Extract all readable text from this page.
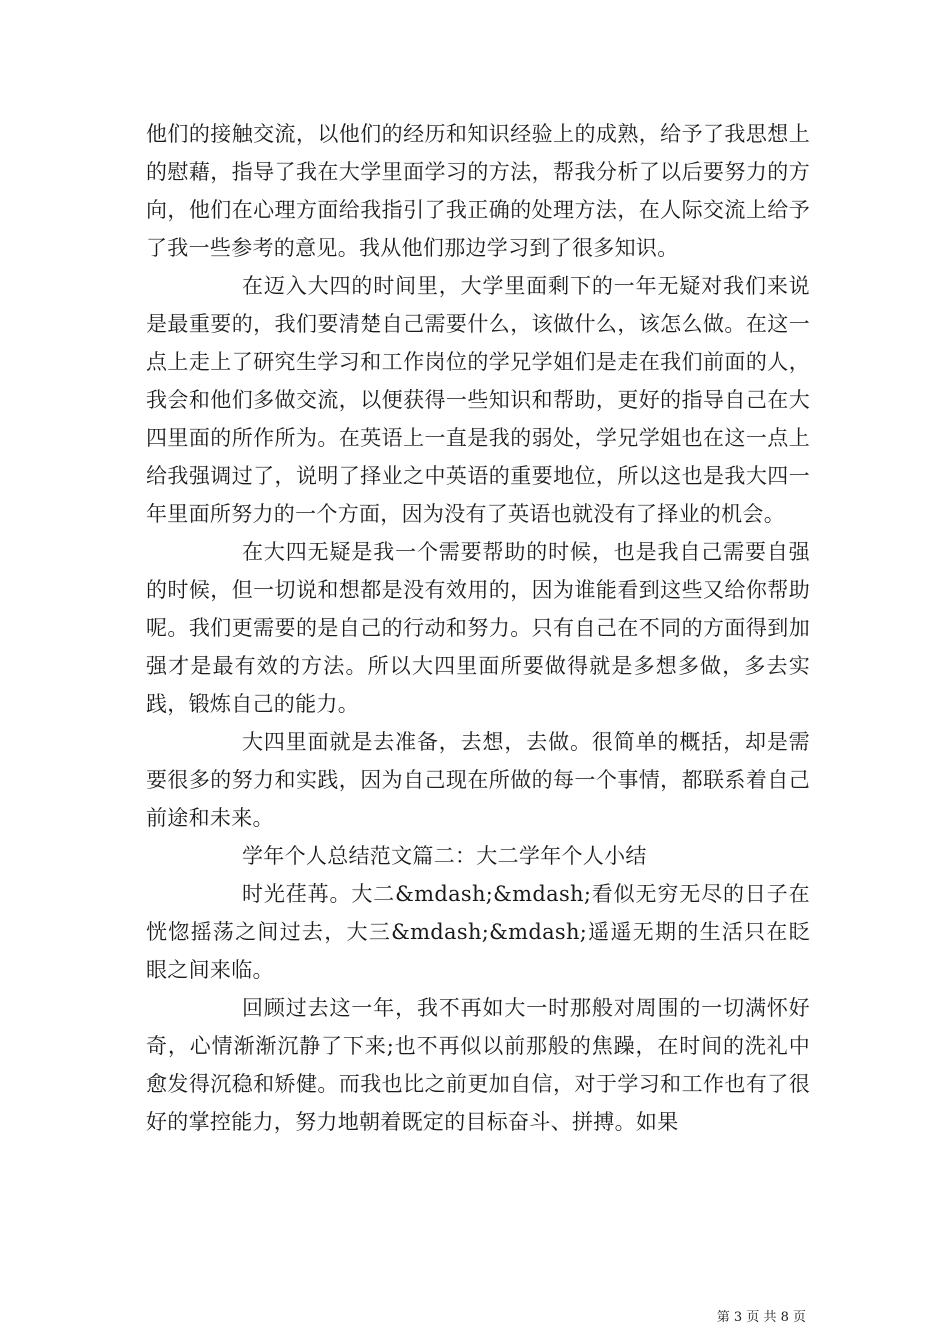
他们的接触交流，以他们的经历和知识经验上的成熟，给予了我思想上的慰藉，指导了我在大学里面学习的方法，帮我分析了以后要努力的方向，他们在心理方面给我指引了我正确的处理方法，在人际交流上给予了我一些参考的意见。我从他们那边学习到了很多知识。

在迈入大四的时间里，大学里面剩下的一年无疑对我们来说是最重要的，我们要清楚自己需要什么，该做什么，该怎么做。在这一点上走上了研究生学习和工作岗位的学兄学姐们是走在我们前面的人，我会和他们多做交流，以便获得一些知识和帮助，更好的指导自己在大四里面的所作所为。在英语上一直是我的弱处，学兄学姐也在这一点上给我强调过了，说明了择业之中英语的重要地位，所以这也是我大四一年里面所努力的一个方面，因为没有了英语也就没有了择业的机会。

在大四无疑是我一个需要帮助的时候，也是我自己需要自强的时候，但一切说和想都是没有效用的，因为谁能看到这些又给你帮助呢。我们更需要的是自己的行动和努力。只有自己在不同的方面得到加强才是最有效的方法。所以大四里面所要做得就是多想多做，多去实践，锻炼自己的能力。

大四里面就是去准备，去想，去做。很简单的概括，却是需要很多的努力和实践，因为自己现在所做的每一个事情，都联系着自己前途和未来。

学年个人总结范文篇二：大二学年个人小结

时光荏苒。大二&mdash;&mdash;看似无穷无尽的日子在恍惚摇荡之间过去，大三&mdash;&mdash;遥遥无期的生活只在眨眼之间来临。

回顾过去这一年，我不再如大一时那般对周围的一切满怀好奇，心情渐渐沉静了下来;也不再似以前那般的焦躁，在时间的洗礼中愈发得沉稳和矫健。而我也比之前更加自信，对于学习和工作也有了很好的掌控能力，努力地朝着既定的目标奋斗、拼搏。如果

第 3 页 共 8 页
